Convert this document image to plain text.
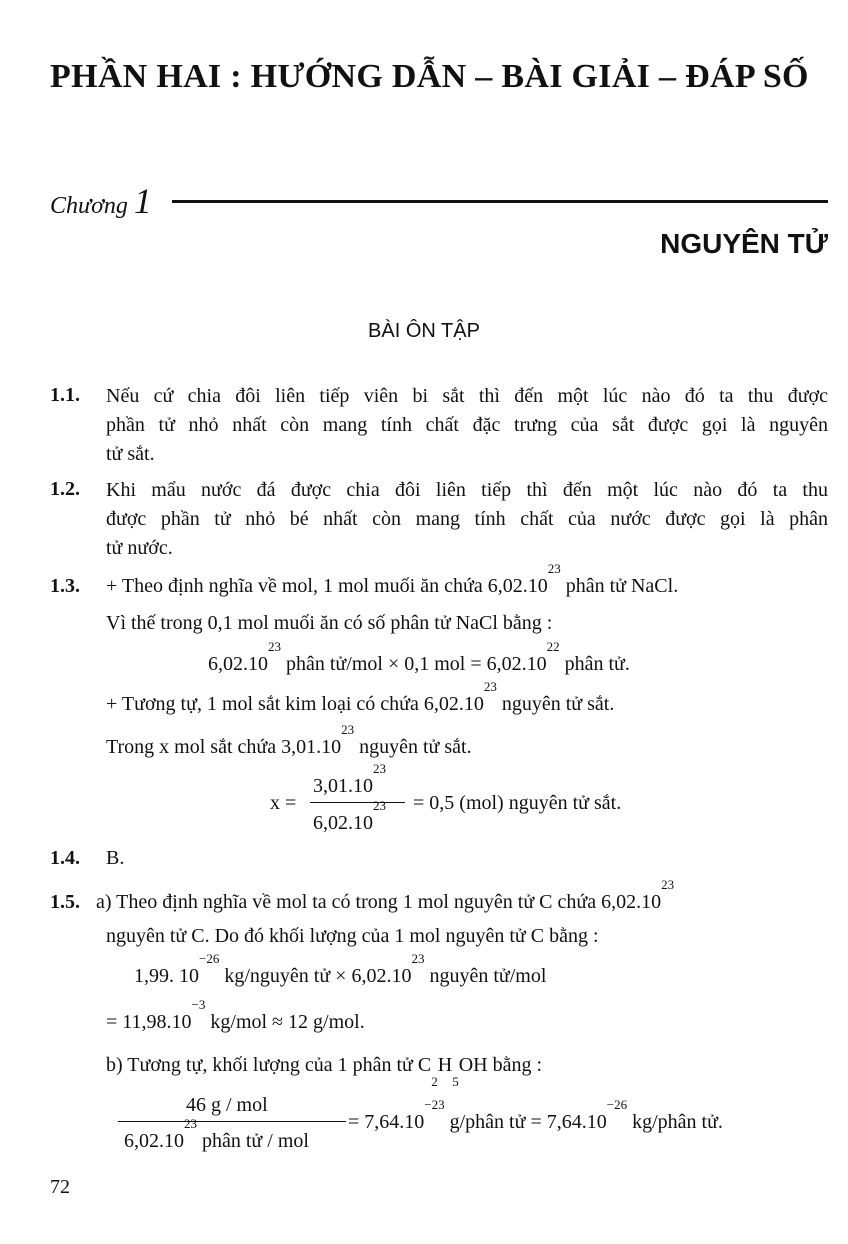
PHẦN HAI : HƯỚNG DẪN – BÀI GIẢI – ĐÁP SỐ
Chương 1
NGUYÊN TỬ
BÀI ÔN TẬP
1.1. Nếu cứ chia đôi liên tiếp viên bi sắt thì đến một lúc nào đó ta thu được
phần tử nhỏ nhất còn mang tính chất đặc trưng của sắt được gọi là nguyên
tử sắt.
1.2. Khi mẩu nước đá được chia đôi liên tiếp thì đến một lúc nào đó ta thu
được phần tử nhỏ bé nhất còn mang tính chất của nước được gọi là phân
tử nước.
1.3. + Theo định nghĩa về mol, 1 mol muối ăn chứa 6,02.10$^{23}$ phân tử NaCl.
Vì thế trong 0,1 mol muối ăn có số phân tử NaCl bằng :
6,02.10$^{23}$ phân tử/mol × 0,1 mol = $6,02.10^{22}$ phân tử.
+ Tương tự, 1 mol sắt kim loại có chứa 6,02.10$^{23}$ nguyên tử sắt.
Trong x mol sắt chứa 3,01.10$^{23}$ nguyên tử sắt.
x =
$3,01.10^{23}$
$6,02.10^{23} = 0,5$ (mol) nguyên tử sắt.
1.4. B.
1.5. a) Theo định nghĩa về mol ta có trong 1 mol nguyên tử C chứa 6,02.10$^{23}$
nguyên tử C. Do đó khối lượng của 1 mol nguyên tử C bằng :
1,99. $10^{-26}$ kg/nguyên tử × $6,02.10^{23}$ nguyên tử/mol
= $11,98.10^{-3}$ kg/mol ≈ 12 g/mol.
b) Tương tự, khối lượng của 1 phân tử $C_2H_5OH$ bằng :
46 g / mol
6,02.10$^{23}$ phân tử / mol
= $7,64.10^{-23}$ g/phân tử = $7,64.10^{-26}$ kg/phân tử.
72
